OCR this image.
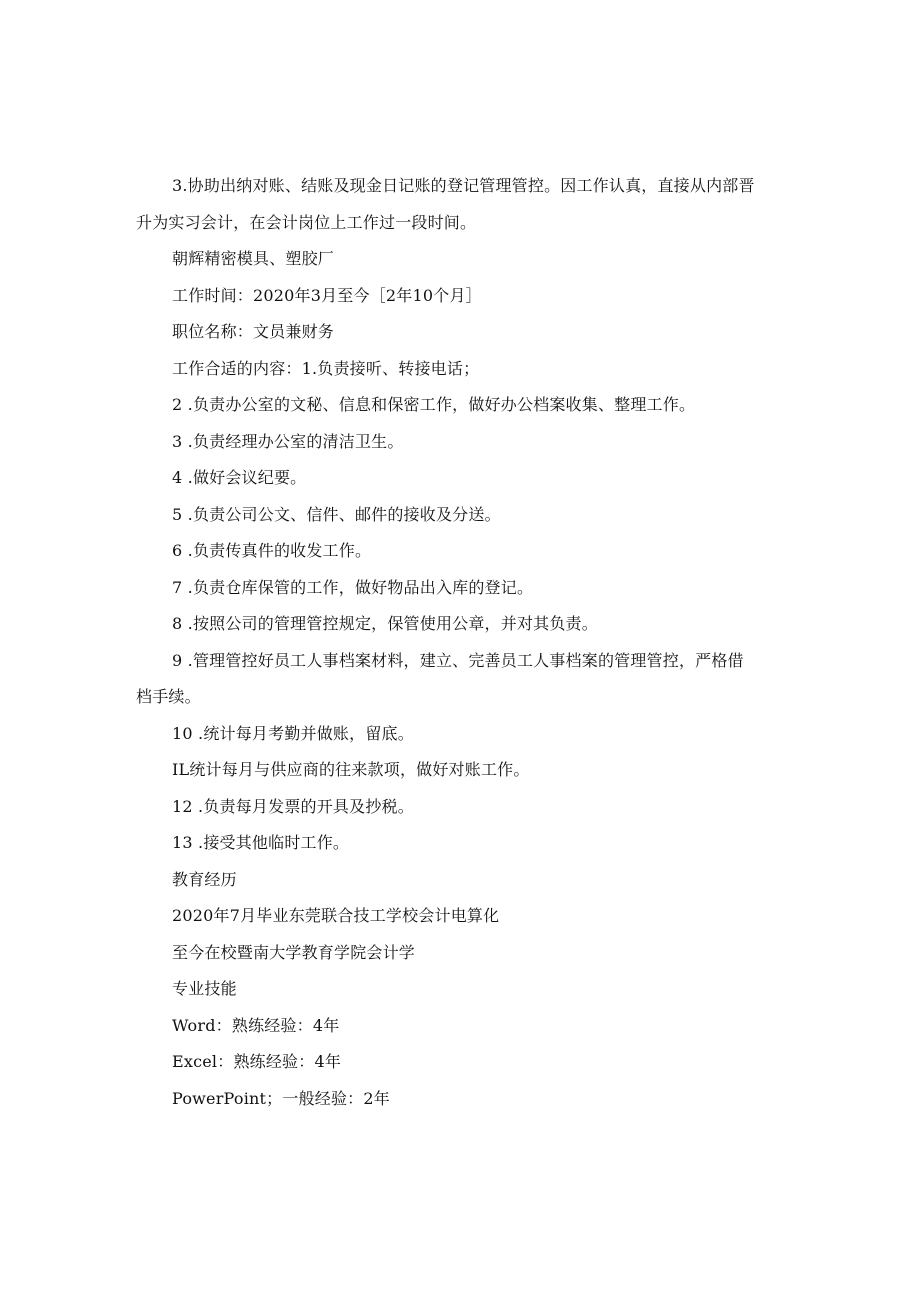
3.协助出纳对账、结账及现金日记账的登记管理管控。因工作认真，直接从内部晋
升为实习会计，在会计岗位上工作过一段时间。
朝辉精密模具、塑胶厂
工作时间：2020年3月至今［2年10个月］
职位名称：文员兼财务
工作合适的内容：1.负责接听、转接电话；
2 .负责办公室的文秘、信息和保密工作，做好办公档案收集、整理工作。
3 .负责经理办公室的清洁卫生。
4 .做好会议纪要。
5 .负责公司公文、信件、邮件的接收及分送。
6 .负责传真件的收发工作。
7 .负责仓库保管的工作，做好物品出入库的登记。
8 .按照公司的管理管控规定，保管使用公章，并对其负责。
9 .管理管控好员工人事档案材料，建立、完善员工人事档案的管理管控，严格借
档手续。
10 .统计每月考勤并做账，留底。
IL统计每月与供应商的往来款项，做好对账工作。
12 .负责每月发票的开具及抄税。
13 .接受其他临时工作。
教育经历
2020年7月毕业东莞联合技工学校会计电算化
至今在校暨南大学教育学院会计学
专业技能
Word：熟练经验：4年
Excel：熟练经验：4年
PowerPoint；一般经验：2年
